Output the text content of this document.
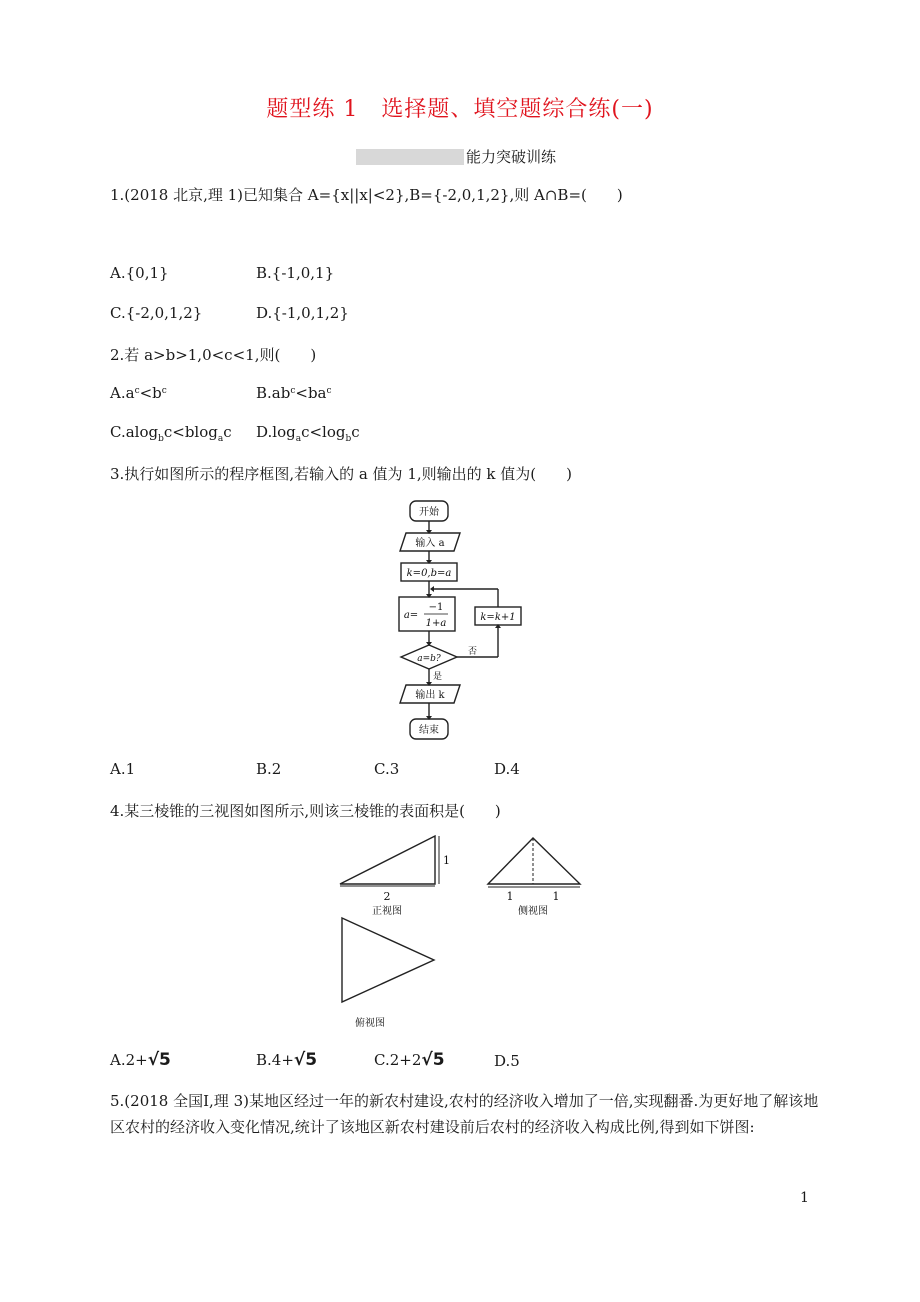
题型练 1　选择题、填空题综合练(一)
能力突破训练
1.(2018 北京,理 1)已知集合 A={x||x|<2},B={-2,0,1,2},则 A∩B=(　　)
A.{0,1}	B.{-1,0,1}
C.{-2,0,1,2}	D.{-1,0,1,2}
2.若 a>b>1,0<c<1,则(　　)
$A.a^c<b^c$	$B.ab^c<ba^c$
C.alog$_b$c<blog$_a$c $D.\log_ac<\log_bc$
3.执行如图所示的程序框图,若输入的 a 值为 1,则输出的 k 值为(　　)
开始
输入 a
k=0,b=a
a=
−1
1+a
k=k+1
a=b?
否
是
输出 k
结束
A.1	B.2	C.3	D.4
4.某三棱锥的三视图如图所示,则该三棱锥的表面积是(　　)
2
1
正视图
1	1
侧视图
俯视图
A.2+√5	B.4+√5	C.2+2√5	D.5
5.(2018 全国Ⅰ,理 3)某地区经过一年的新农村建设,农村的经济收入增加了一倍,实现翻番.为更好地了解该地区农村的经济收入变化情况,统计了该地区新农村建设前后农村的经济收入构成比例,得到如下饼图:
1
